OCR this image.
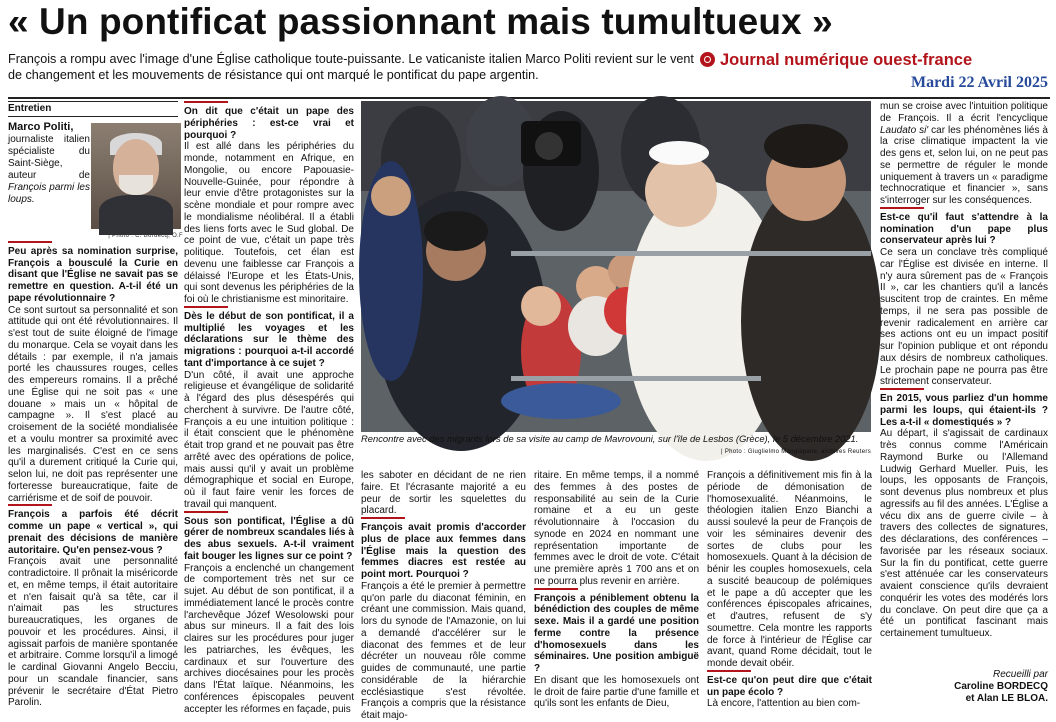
« Un pontificat passionnant mais tumultueux »
François a rompu avec l'image d'une Église catholique toute-puissante. Le vaticaniste italien Marco Politi revient sur le vent de changement et les mouvements de résistance qui ont marqué le pontificat du pape argentin.
Journal numérique ouest-france
Mardi 22 Avril 2025
Entretien
Marco Politi,
journaliste italien spécialiste du Saint-Siège, auteur de François parmi les loups.
| Photo : C. Bordecq, O.F

Peu après sa nomination surprise, François a bousculé la Curie en disant que l'Église ne savait pas se remettre en question. A-t-il été un pape révolutionnaire ?

Ce sont surtout sa personnalité et son attitude qui ont été révolutionnaires. Il s'est tout de suite éloigné de l'image du monarque. Cela se voyait dans les détails : par exemple, il n'a jamais porté les chaussures rouges, celles des empereurs romains. Il a prêché une Église qui ne soit pas « une douane » mais un « hôpital de campagne ». Il s'est placé au croisement de la société mondialisée et a voulu montrer sa proximité avec les marginalisés. C'est en ce sens qu'il a durement critiqué la Curie qui, selon lui, ne doit pas représenter une forteresse bureaucratique, faite de carriérisme et de soif de pouvoir.

François a parfois été décrit comme un pape « vertical », qui prenait des décisions de manière autoritaire. Qu'en pensez-vous ?

François avait une personnalité contradictoire. Il prônait la miséricorde et, en même temps, il était autoritaire et n'en faisait qu'à sa tête, car il n'aimait pas les structures bureaucratiques, les organes de pouvoir et les procédures. Ainsi, il agissait parfois de manière spontanée et arbitraire. Comme lorsqu'il a limogé le cardinal Giovanni Angelo Becciu, pour un scandale financier, sans prévenir le secrétaire d'État Pietro Parolin.

On dit que c'était un pape des périphéries : est-ce vrai et pourquoi ?

Il est allé dans les périphéries du monde, notamment en Afrique, en Mongolie, ou encore Papouasie-Nouvelle-Guinée, pour répondre à leur envie d'être protagonistes sur la scène mondiale et pour rompre avec le mondialisme néolibéral. Il a établi des liens forts avec le Sud global. De ce point de vue, c'était un pape très politique. Toutefois, cet élan est devenu une faiblesse car François a délaissé l'Europe et les États-Unis, qui sont devenus les périphéries de la foi où le christianisme est minoritaire.

Dès le début de son pontificat, il a multiplié les voyages et les déclarations sur le thème des migrations : pourquoi a-t-il accordé tant d'importance à ce sujet ?

D'un côté, il avait une approche religieuse et évangélique de solidarité à l'égard des plus désespérés qui cherchent à survivre. De l'autre côté, François a eu une intuition politique : il était conscient que le phénomène était trop grand et ne pouvait pas être arrêté avec des opérations de police, mais aussi qu'il y avait un problème démographique et social en Europe, où il faut faire venir les forces de travail qui manquent.

Sous son pontificat, l'Église a dû gérer de nombreux scandales liés à des abus sexuels. A-t-il vraiment fait bouger les lignes sur ce point ?

François a enclenché un changement de comportement très net sur ce sujet. Au début de son pontificat, il a immédiatement lancé le procès contre l'archevêque Józef Wesolowski pour abus sur mineurs. Il a fait des lois claires sur les procédures pour juger les patriarches, les évêques, les cardinaux et sur l'ouverture des archives diocésaines pour les procès dans l'État laïque. Néanmoins, les conférences épiscopales peuvent accepter les réformes en façade, puis

Rencontre avec des migrants lors de sa visite au camp de Mavrovouni, sur l'île de Lesbos (Grèce), le 5 décembre 2021.
| Photo : Giuglielmo Mangiapane, archives Reuters

les saboter en décidant de ne rien faire. Et l'écrasante majorité a eu peur de sortir les squelettes du placard.

François avait promis d'accorder plus de place aux femmes dans l'Église mais la question des femmes diacres est restée au point mort. Pourquoi ?

François a été le premier à permettre qu'on parle du diaconat féminin, en créant une commission. Mais quand, lors du synode de l'Amazonie, on lui a demandé d'accélérer sur le diaconat des femmes et de leur décréter un nouveau rôle comme guides de communauté, une partie considérable de la hiérarchie ecclésiastique s'est révoltée. François a compris que la résistance était majo-

ritaire. En même temps, il a nommé des femmes à des postes de responsabilité au sein de la Curie romaine et a eu un geste révolutionnaire à l'occasion du synode en 2024 en nommant une représentation importante de femmes avec le droit de vote. C'était une première après 1 700 ans et on ne pourra plus revenir en arrière.

François a péniblement obtenu la bénédiction des couples de même sexe. Mais il a gardé une position ferme contre la présence d'homosexuels dans les séminaires. Une position ambiguë ?

En disant que les homosexuels ont le droit de faire partie d'une famille et qu'ils sont les enfants de Dieu,

François a définitivement mis fin à la période de démonisation de l'homosexualité. Néanmoins, le théologien italien Enzo Bianchi a aussi soulevé la peur de François de voir les séminaires devenir des sortes de clubs pour les homosexuels. Quant à la décision de bénir les couples homosexuels, cela a suscité beaucoup de polémiques et le pape a dû accepter que les conférences épiscopales africaines, et d'autres, refusent de s'y soumettre. Cela montre les rapports de force à l'intérieur de l'Église car avant, quand Rome décidait, tout le monde devait obéir.

Est-ce qu'on peut dire que c'était un pape écolo ?

Là encore, l'attention au bien com-

mun se croise avec l'intuition politique de François. Il a écrit l'encyclique Laudato si' car les phénomènes liés à la crise climatique impactent la vie des gens et, selon lui, on ne peut pas se permettre de réguler le monde uniquement à travers un « paradigme technocratique et financier », sans s'interroger sur les conséquences.

Est-ce qu'il faut s'attendre à la nomination d'un pape plus conservateur après lui ?

Ce sera un conclave très compliqué car l'Église est divisée en interne. Il n'y aura sûrement pas de « François II », car les chantiers qu'il a lancés suscitent trop de craintes. En même temps, il ne sera pas possible de revenir radicalement en arrière car ses actions ont eu un impact positif sur l'opinion publique et ont répondu aux désirs de nombreux catholiques. Le prochain pape ne pourra pas être strictement conservateur.

En 2015, vous parliez d'un homme parmi les loups, qui étaient-ils ? Les a-t-il « domestiqués » ?

Au départ, il s'agissait de cardinaux très connus comme l'Américain Raymond Burke ou l'Allemand Ludwig Gerhard Mueller. Puis, les loups, les opposants de François, sont devenus plus nombreux et plus agressifs au fil des années. L'Église a vécu dix ans de guerre civile – à travers des collectes de signatures, des déclarations, des conférences – favorisée par les réseaux sociaux. Sur la fin du pontificat, cette guerre s'est atténuée car les conservateurs avaient conscience qu'ils devraient conquérir les votes des modérés lors du conclave. On peut dire que ça a été un pontificat fascinant mais certainement tumultueux.

Recueilli par
Caroline BORDECQ
et Alan LE BLOA.
